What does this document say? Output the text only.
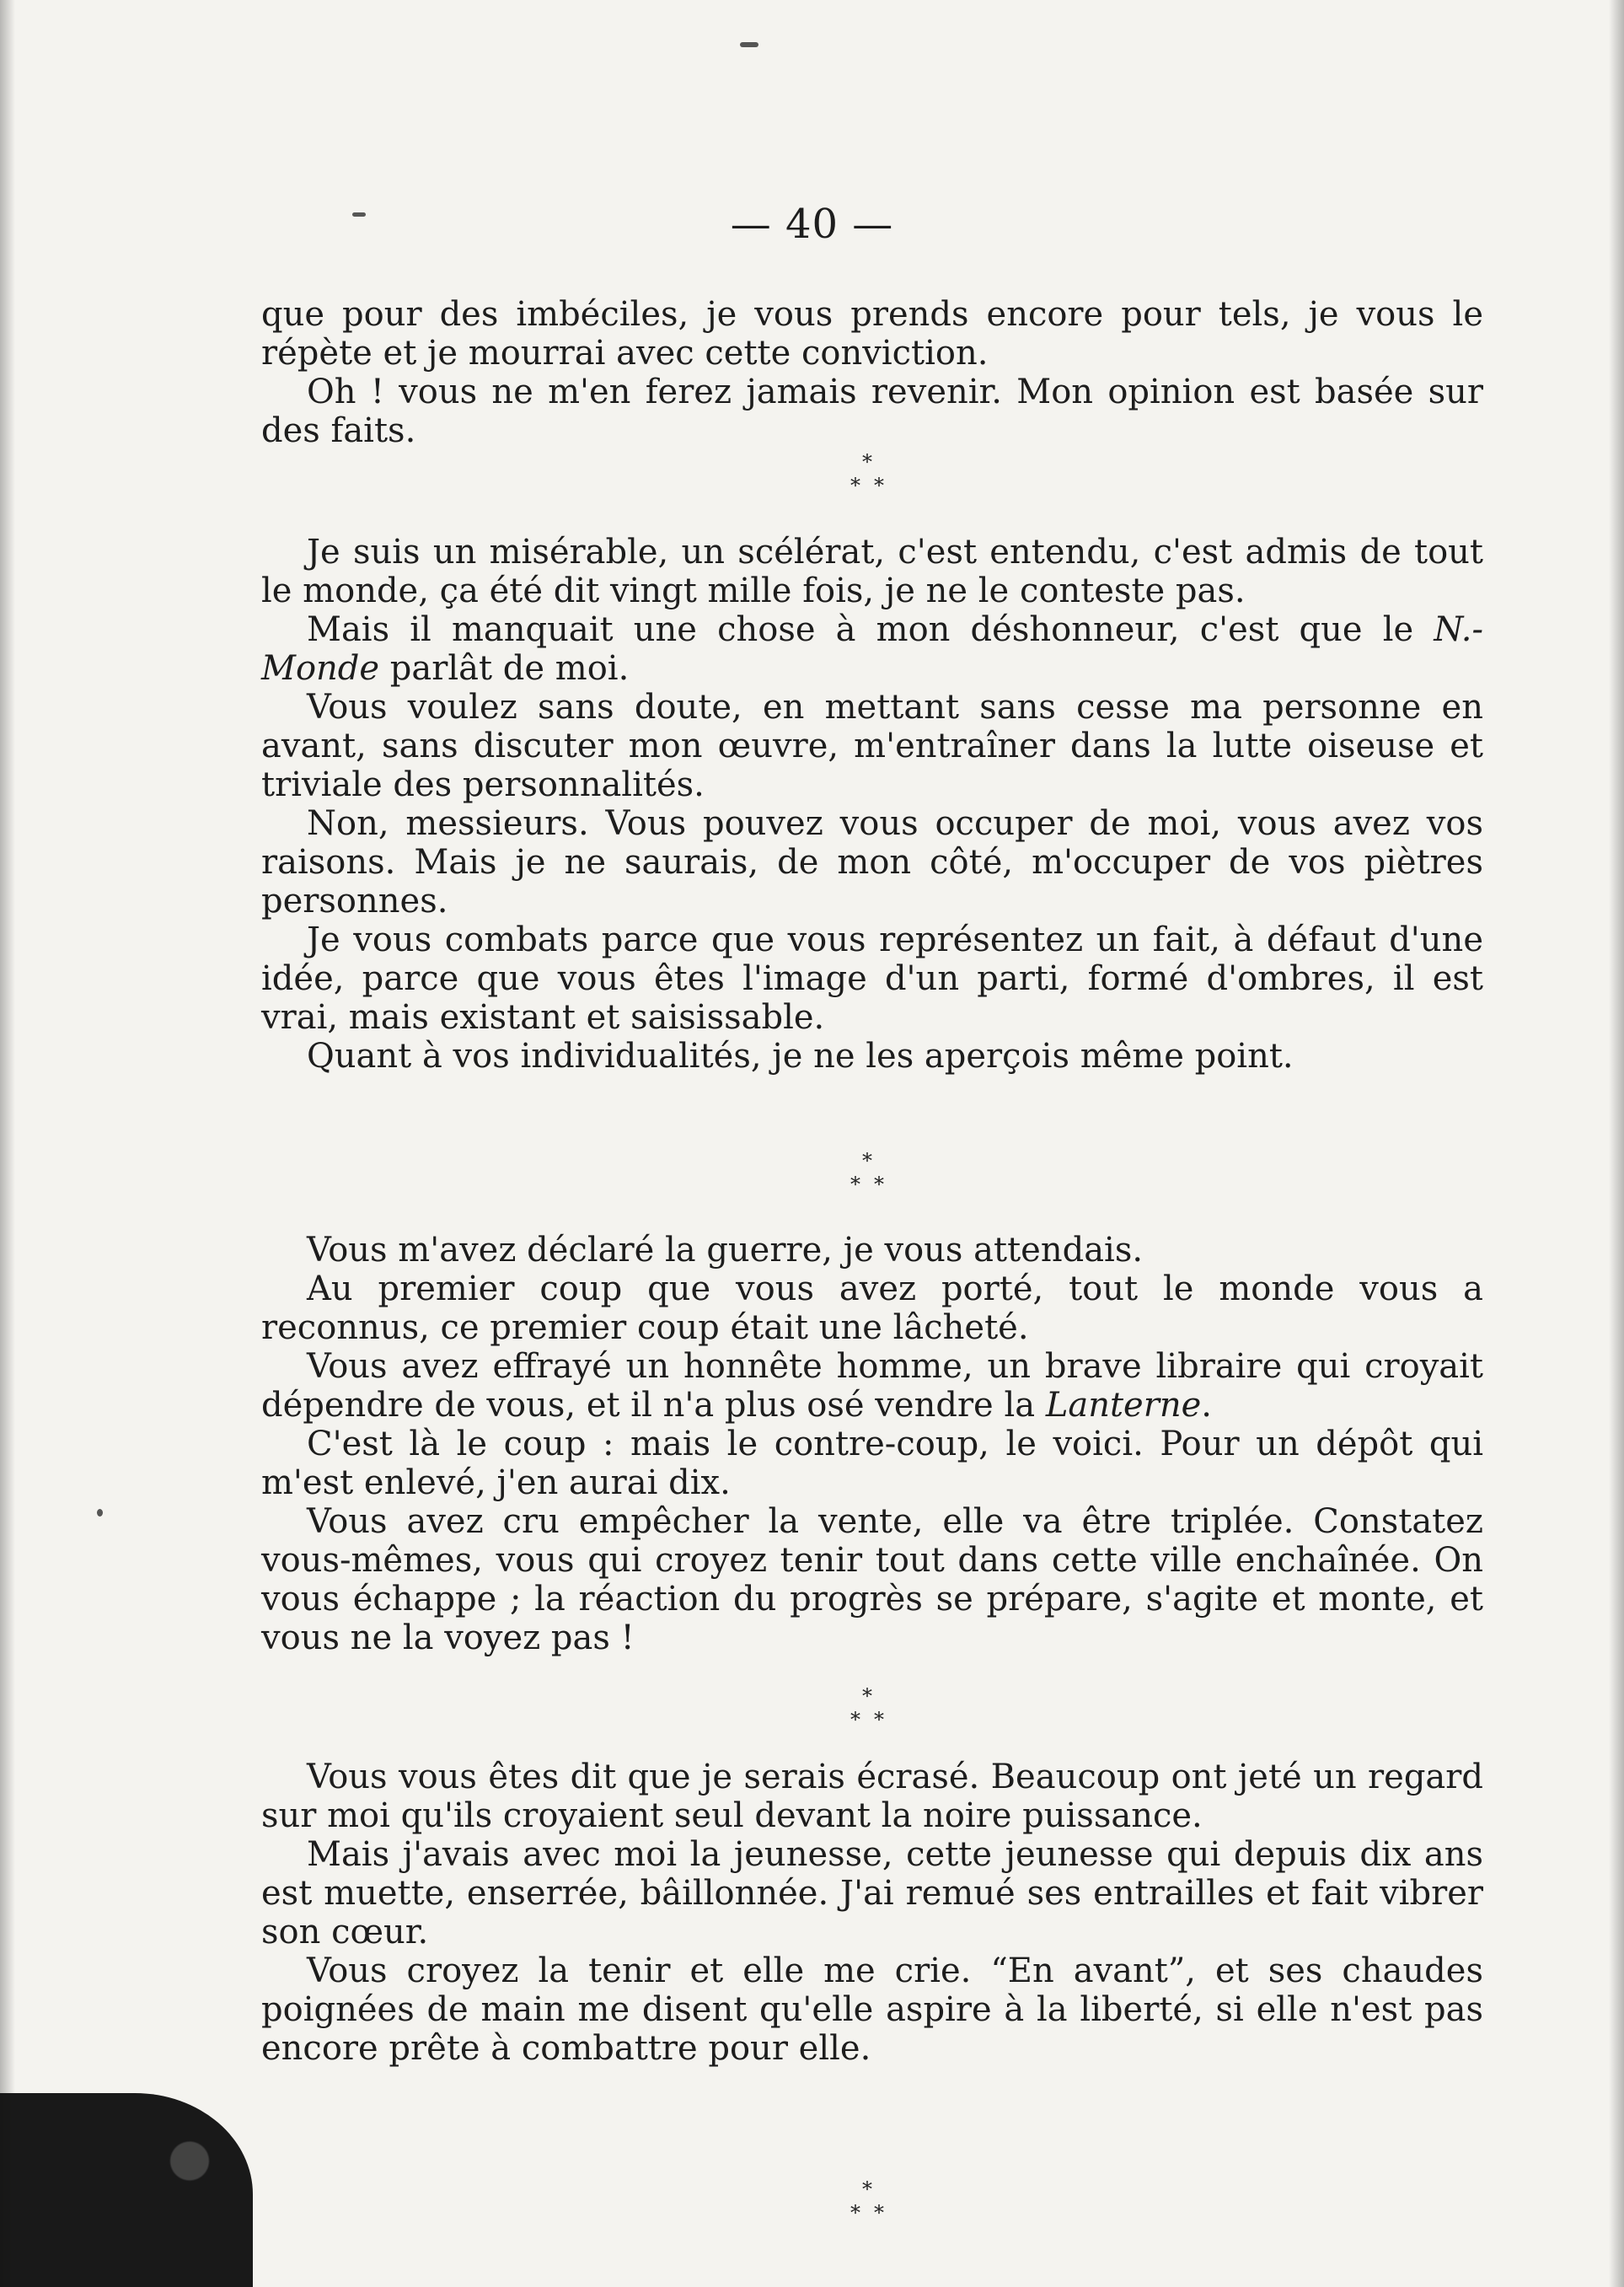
— 40 —

que pour des imbéciles, je vous prends encore pour tels, je vous le répète et je mourrai avec cette conviction.

Oh ! vous ne m'en ferez jamais revenir. Mon opinion est basée sur des faits.

*
* *

Je suis un misérable, un scélérat, c'est entendu, c'est admis de tout le monde, ça été dit vingt mille fois, je ne le conteste pas.

Mais il manquait une chose à mon déshonneur, c'est que le N.-Monde parlât de moi.

Vous voulez sans doute, en mettant sans cesse ma personne en avant, sans discuter mon œuvre, m'entraîner dans la lutte oiseuse et triviale des personnalités.

Non, messieurs. Vous pouvez vous occuper de moi, vous avez vos raisons. Mais je ne saurais, de mon côté, m'occuper de vos piètres personnes.

Je vous combats parce que vous représentez un fait, à défaut d'une idée, parce que vous êtes l'image d'un parti, formé d'ombres, il est vrai, mais existant et saisissable.

Quant à vos individualités, je ne les aperçois même point.

*
* *

Vous m'avez déclaré la guerre, je vous attendais.

Au premier coup que vous avez porté, tout le monde vous a reconnus, ce premier coup était une lâcheté.

Vous avez effrayé un honnête homme, un brave libraire qui croyait dépendre de vous, et il n'a plus osé vendre la Lanterne.

C'est là le coup : mais le contre-coup, le voici. Pour un dépôt qui m'est enlevé, j'en aurai dix.

Vous avez cru empêcher la vente, elle va être triplée. Constatez vous-mêmes, vous qui croyez tenir tout dans cette ville enchaînée. On vous échappe ; la réaction du progrès se prépare, s'agite et monte, et vous ne la voyez pas !

*
* *

Vous vous êtes dit que je serais écrasé. Beaucoup ont jeté un regard sur moi qu'ils croyaient seul devant la noire puissance.

Mais j'avais avec moi la jeunesse, cette jeunesse qui depuis dix ans est muette, enserrée, bâillonnée. J'ai remué ses entrailles et fait vibrer son cœur.

Vous croyez la tenir et elle me crie. “En avant”, et ses chaudes poignées de main me disent qu'elle aspire à la liberté, si elle n'est pas encore prête à combattre pour elle.

*
* *
